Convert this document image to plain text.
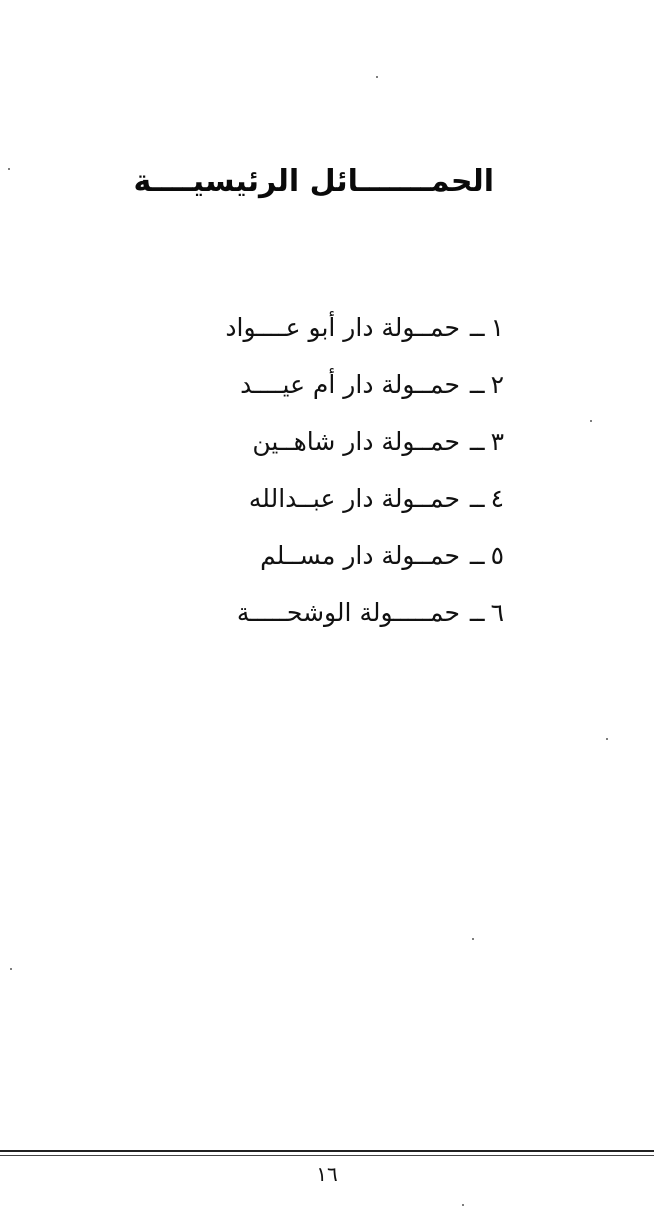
الحمـــــــائل الرئيسيــــة
١ــحمــولة دار أبو عــــواد
٢ــحمــولة دار أم عيــــد
٣ــحمــولة دار شاهــين
٤ــحمــولة دار عبــدالله
٥ــحمــولة دار مســلم
٦ــحمـــــولة الوشحـــــة
١٦
